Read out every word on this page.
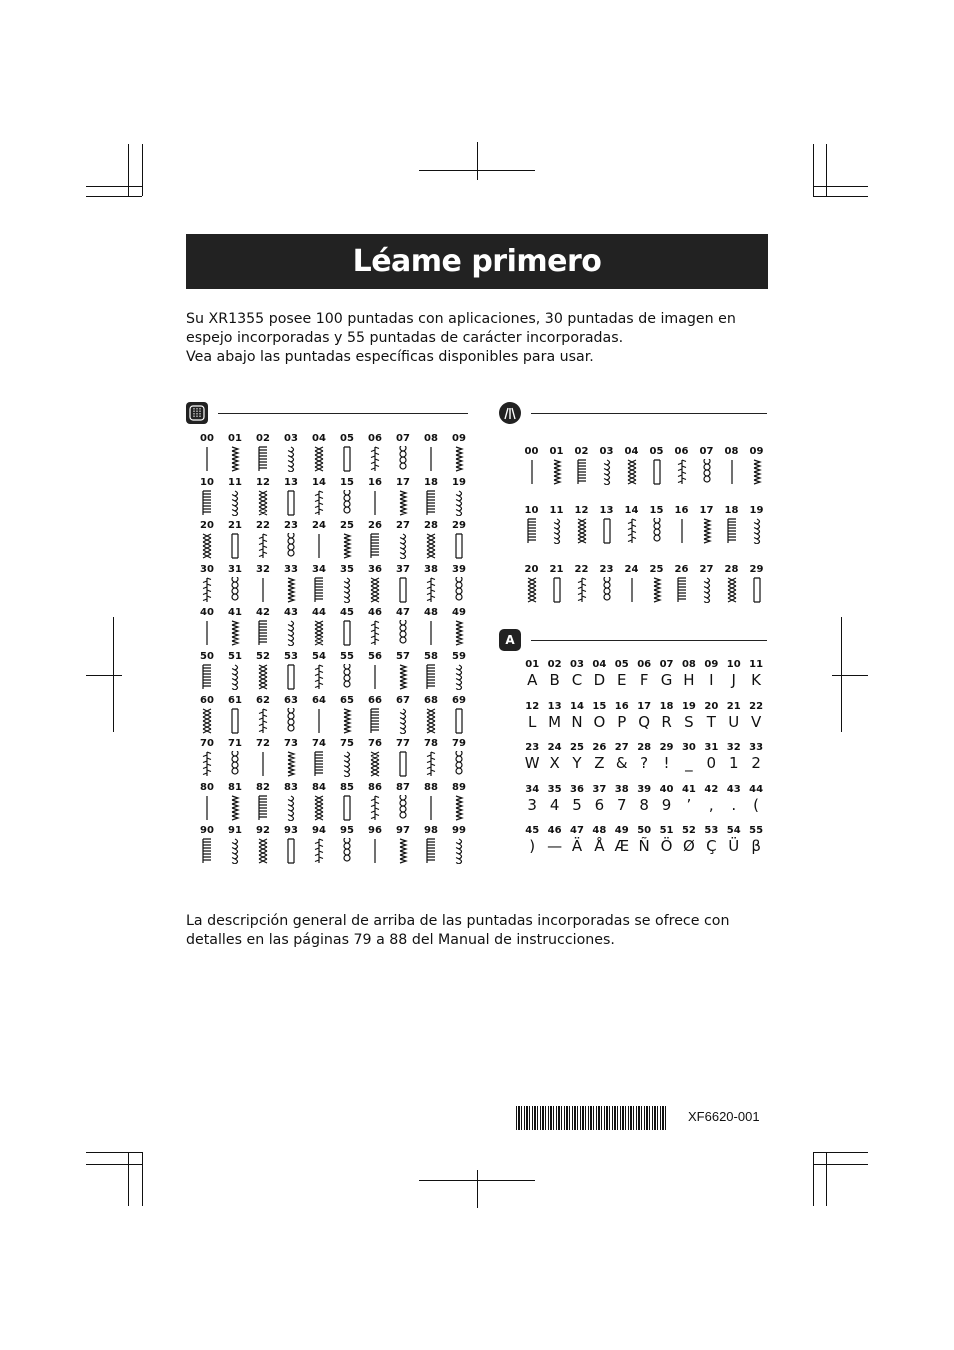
Léame primero

Su XR1355 posee 100 puntadas con aplicaciones, 30 puntadas de imagen en espejo incorporadas y 55 puntadas de carácter incorporadas.

Vea abajo las puntadas específicas disponibles para usar.

00 01 02 03 04 05 06 07 08 09
10 11 12 13 14 15 16 17 18 19
20 21 22 23 24 25 26 27 28 29
30 31 32 33 34 35 36 37 38 39
40 41 42 43 44 45 46 47 48 49
50 51 52 53 54 55 56 57 58 59
60 61 62 63 64 65 66 67 68 69
70 71 72 73 74 75 76 77 78 79
80 81 82 83 84 85 86 87 88 89
90 91 92 93 94 95 96 97 98 99
00 01 02 03 04 05 06 07 08 09
10 11 12 13 14 15 16 17 18 19
20 21 22 23 24 25 26 27 28 29
A
01
A
02
B
03
C
04
D
05
E
06
F
07
G
08
H
09
I
10
J
11
K
12
L
13
M
14
N
15
O
16
P
17
Q
18
R
19
S
20
T
21
U
22
V
23
W
24
X
25
Y
26
Z
27
&
28
?
29
!
30
_
31
0
32
1
33
2
34
3
35
4
36
5
37
6
38
7
39
8
40
9
41
’
42
,
43
.
44
(
45
)
46
—
47
Ä
48
Å
49
Æ
50
Ñ
51
Ö
52
Ø
53
Ç
54
Ü
55
β

La descripción general de arriba de las puntadas incorporadas se ofrece con detalles en las páginas 79 a 88 del Manual de instrucciones.

XF6620-001
